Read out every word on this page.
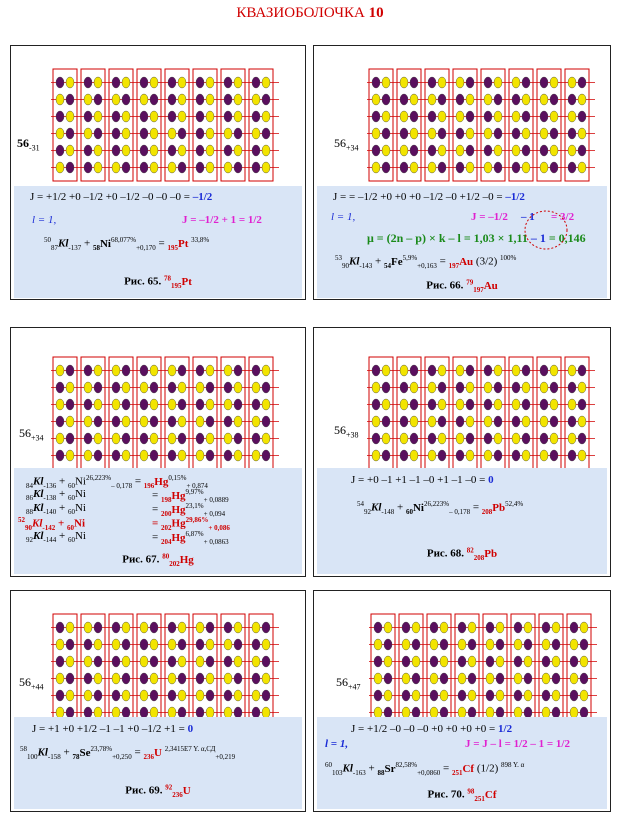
КВАЗИОБОЛОЧКА 10
$56_{-31}$
J = +1/2 +0 –1/2 +0 –1/2 –0 –0 –0 = –1/2
l = 1,	J = –1/2 + 1 = 1/2
$^{50}_{87}Kl_{-137} + _{58}Ni^{68,077\%}_{+0,170} = _{195}Pt$ $^{33,8\%}$
Рис. 65. $^{78}_{195}$Pt
$56_{+34}$
J = = –1/2 +0 +0 +0 –1/2 –0 +1/2 –0 = –1/2
l = 1,	J = –1/2 – 1 = 3/2
μ = (2n – p) × k – l = 1,03 × 1,11 – 1 = 0,146
$^{53}_{90}Kl_{-143} + _{54}Fe^{5,9\%}_{+0,163} = _{197}Au$ (3/2) $^{100\%}$
Рис. 66. $^{79}_{197}$Au
$56_{+34}$
$_{84}Kl_{-136} + _{60}Ni^{26,223\%}_{- 0,178} = _{196}Hg^{0,15\%}_{+ 0,874}$
$_{86}Kl_{-138} + _{60}Ni$	= $_{198}Hg^{9,97\%}_{+ 0,0889}$
$_{88}Kl_{-140} + _{60}Ni$	= $_{200}Hg^{23,1\%}_{+ 0,094}$
$^{52}_{90}Kl_{-142} + _{60}Ni$	= $_{202}Hg^{29,86\%}_{+ 0,086}$
$_{92}Kl_{-144} + _{60}Ni$	= $_{204}Hg^{6,87\%}_{+ 0,0863}$
Рис. 67. $^{80}_{202}$Hg
$56_{+38}$
J = +0 –1 +1 –1 –0 +1 –1 –0 = 0
$^{54}_{92}Kl_{-148} + _{60}Ni^{26,223\%}_{- 0,178} = _{208}Pb^{52,4\%}$
Рис. 68. $^{82}_{208}$Pb
$56_{+44}$
J = +1 +0 +1/2 –1 –1 +0 –1/2 +1 = 0
$^{58}_{100}Kl_{-158} + _{78}Se^{23,78\%}_{+0,250} = _{236}U$ $^{2,3415E7 Y. \alpha,СД}_{+0,219}$
Рис. 69. $^{92}_{236}$U
$56_{+47}$
J = +1/2 –0 –0 –0 +0 +0 +0 +0 = 1/2
l = 1,	J = J – l = 1/2 – 1 = 1/2
$^{60}_{103}Kl_{-163} + _{88}Sr^{82,58\%}_{+0,0860} = _{251}Cf$ (1/2) $^{898 Y. \alpha}$
Рис. 70. $^{98}_{251}$Cf
